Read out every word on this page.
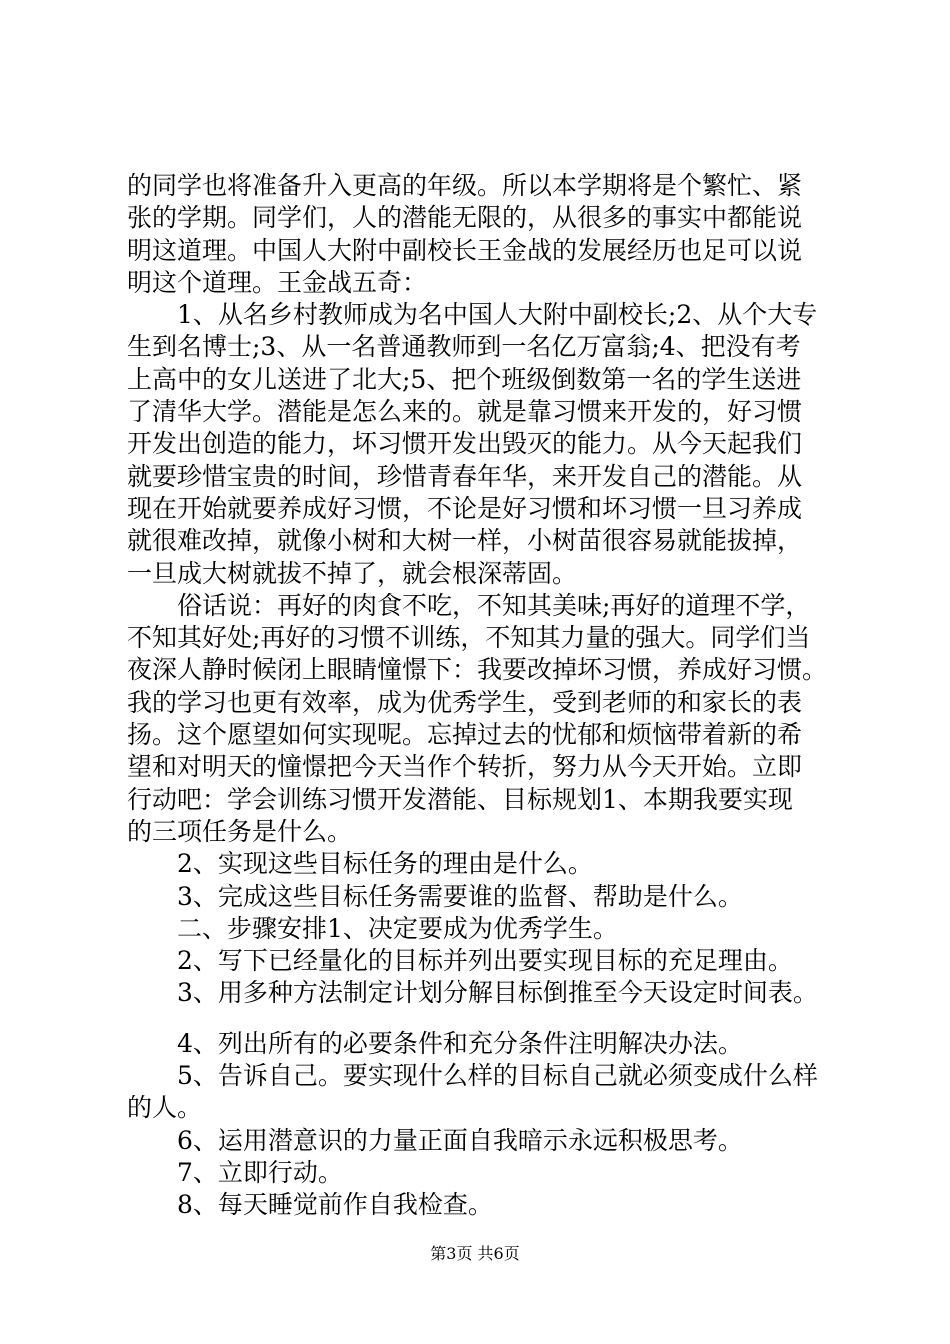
的同学也将准备升入更高的年级。所以本学期将是个繁忙、紧
张的学期。同学们，人的潜能无限的，从很多的事实中都能说
明这道理。中国人大附中副校长王金战的发展经历也足可以说
明这个道理。王金战五奇：
1、从名乡村教师成为名中国人大附中副校长;2、从个大专
生到名博士;3、从一名普通教师到一名亿万富翁;4、把没有考
上高中的女儿送进了北大;5、把个班级倒数第一名的学生送进
了清华大学。潜能是怎么来的。就是靠习惯来开发的，好习惯
开发出创造的能力，坏习惯开发出毁灭的能力。从今天起我们
就要珍惜宝贵的时间，珍惜青春年华，来开发自己的潜能。从
现在开始就要养成好习惯，不论是好习惯和坏习惯一旦习养成
就很难改掉，就像小树和大树一样，小树苗很容易就能拔掉，
一旦成大树就拔不掉了，就会根深蒂固。
俗话说：再好的肉食不吃，不知其美味;再好的道理不学，
不知其好处;再好的习惯不训练，不知其力量的强大。同学们当
夜深人静时候闭上眼睛憧憬下：我要改掉坏习惯，养成好习惯。
我的学习也更有效率，成为优秀学生，受到老师的和家长的表
扬。这个愿望如何实现呢。忘掉过去的忧郁和烦恼带着新的希
望和对明天的憧憬把今天当作个转折，努力从今天开始。立即
行动吧：学会训练习惯开发潜能、目标规划1、本期我要实现
的三项任务是什么。
2、实现这些目标任务的理由是什么。
3、完成这些目标任务需要谁的监督、帮助是什么。
二、步骤安排1、决定要成为优秀学生。
2、写下已经量化的目标并列出要实现目标的充足理由。
3、用多种方法制定计划分解目标倒推至今天设定时间表。
4、列出所有的必要条件和充分条件注明解决办法。
5、告诉自己。要实现什么样的目标自己就必须变成什么样
的人。
6、运用潜意识的力量正面自我暗示永远积极思考。
7、立即行动。
8、每天睡觉前作自我检查。
第3页 共6页
